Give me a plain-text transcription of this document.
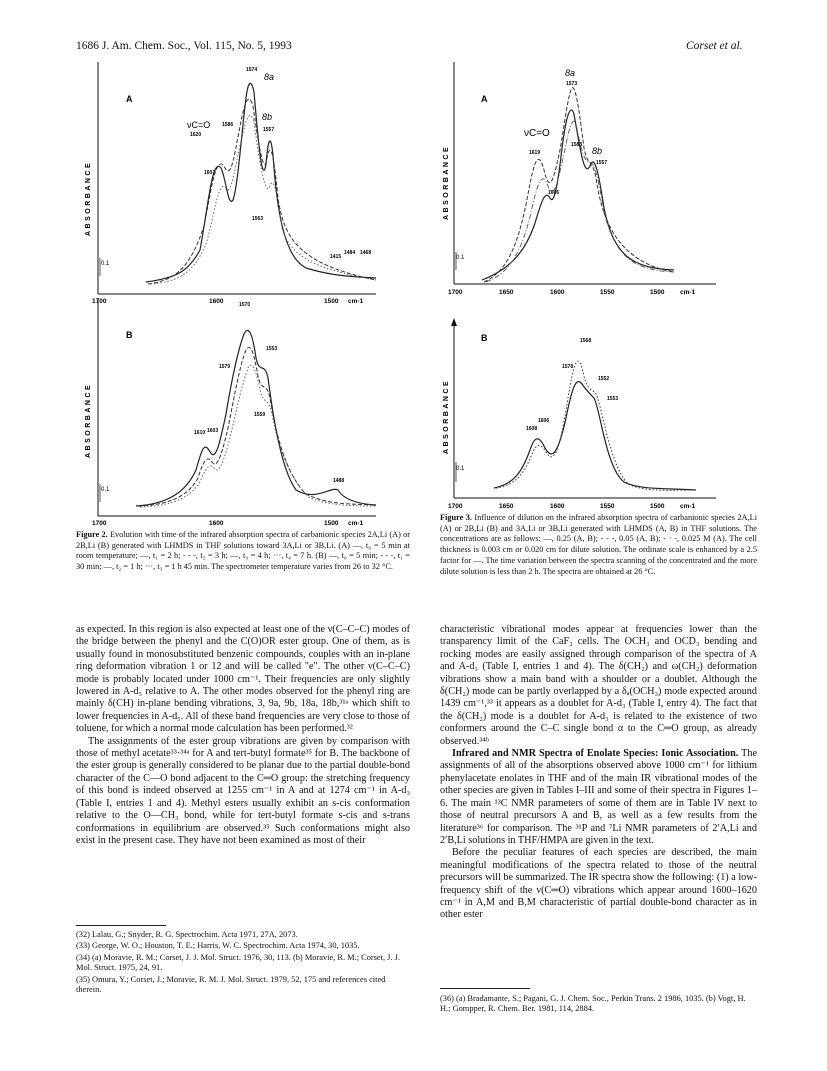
1686 J. Am. Chem. Soc., Vol. 115, No. 5, 1993	Corset et al.
A
ABSORBANCE
0.1
1700	1600	1500 cm-1
1574
8a
8b
1557
νC=O
1620
1586
1607
1563
1415
1484 1468
B
ABSORBANCE
0.1
1700	1600	1500 cm-1
1570
1553
1579
1559
1610 1603
1488
A
ABSORBANCE
0.1
1700	1650	1600	1550	1500 cm-1
8a
1573
νC=O
1619
1583
8b
1557
1606
B
ABSORBANCE
0.1
1700	1650	1600	1550	1500 cm-1
1568
1578
1552
1553
1606
1608
Figure 2. Evolution with time of the infrared absorption spectra of carbanionic species 2A,Li (A) or 2B,Li (B) generated with LHMDS in THF solutions toward 3A,Li or 3B,Li. (A) —, t₀ = 5 min at room temperature; —, t₁ = 2 h; - - -, t₂ = 3 h; —, t₃ = 4 h; ···, t₄ = 7 h. (B) —, t₀ = 5 min; - - -, t₁ = 30 min; —, t₂ = 1 h; ···, t₃ = 1 h 45 min. The spectrometer temperature varies from 26 to 32 °C.
Figure 3. Influence of dilution on the infrared absorption spectra of carbanionic species 2A,Li (A) or 2B,Li (B) and 3A,Li or 3B,Li generated with LHMDS (A, B) in THF solutions. The concentrations are as follows: —, 0.25 (A, B); - - -, 0.05 (A, B); - · -, 0.025 M (A). The cell thickness is 0.003 cm or 0.020 cm for dilute solution. The ordinate scale is enhanced by a 2.5 factor for —. The time variation between the spectra scanning of the concentrated and the more dilute solution is less than 2 h. The spectra are obtained at 26 °C.

as expected. In this region is also expected at least one of the ν(C–C–C) modes of the bridge between the phenyl and the C(O)OR ester group. One of them, as is usually found in monosubstituted benzenic compounds, couples with an in-plane ring deformation vibration 1 or 12 and will be called "e". The other ν(C–C–C) mode is probably located under 1000 cm⁻¹. Their frequencies are only slightly lowered in A-d₅ relative to A. The other modes observed for the phenyl ring are mainly δ(CH) in-plane bending vibrations, 3, 9a, 9b, 18a, 18b,³¹ᵃ which shift to lower frequencies in A-d₅. All of these band frequencies are very close to those of toluene, for which a normal mode calculation has been performed.³²

The assignments of the ester group vibrations are given by comparison with those of methyl acetate³³·³⁴ᵃ for A and tert-butyl formate³⁵ for B. The backbone of the ester group is generally considered to be planar due to the partial double-bond character of the C—O bond adjacent to the C═O group: the stretching frequency of this bond is indeed observed at 1255 cm⁻¹ in A and at 1274 cm⁻¹ in A-d₃ (Table I, entries 1 and 4). Methyl esters usually exhibit an s-cis conformation relative to the O—CH₃ bond, while for tert-butyl formate s-cis and s-trans conformations in equilibrium are observed.³⁵ Such conformations might also exist in the present case. They have not been examined as most of their

(32) Lalau, G.; Snyder, R. G. Spectrochim. Acta 1971, 27A, 2073.

(33) George, W. O.; Houston, T. E.; Harris, W. C. Spectrochim. Acta 1974, 30, 1035.

(34) (a) Moravie, R. M.; Corset, J. J. Mol. Struct. 1976, 30, 113. (b) Moravie, R. M.; Corset, J. J. Mol. Struct. 1975, 24, 91.

(35) Omura, Y.; Corset, J.; Moravie, R. M. J. Mol. Struct. 1979, 52, 175 and references cited therein.

characteristic vibrational modes appear at frequencies lower than the transparency limit of the CaF₂ cells. The OCH₃ and OCD₃ bending and rocking modes are easily assigned through comparison of the spectra of A and A-d₃ (Table I, entries 1 and 4). The δ(CH₂) and ω(CH₂) deformation vibrations show a main band with a shoulder or a doublet. Although the δ(CH₂) mode can be partly overlapped by a δₐ(OCH₃) mode expected around 1439 cm⁻¹,³³ it appears as a doublet for A-d₃ (Table I, entry 4). The fact that the δ(CH₂) mode is a doublet for A-d₃ is related to the existence of two conformers around the C–C single bond α to the C═O group, as already observed.³⁴ᵇ

Infrared and NMR Spectra of Enolate Species: Ionic Association. The assignments of all of the absorptions observed above 1000 cm⁻¹ for lithium phenylacetate enolates in THF and of the main IR vibrational modes of the other species are given in Tables I–III and some of their spectra in Figures 1–6. The main ¹³C NMR parameters of some of them are in Table IV next to those of neutral precursors A and B, as well as a few results from the literature³⁶ for comparison. The ³¹P and ⁷Li NMR parameters of 2′A,Li and 2′B,Li solutions in THF/HMPA are given in the text.

Before the peculiar features of each species are described, the main meaningful modifications of the spectra related to those of the neutral precursors will be summarized. The IR spectra show the following: (1) a low-frequency shift of the ν(C═O) vibrations which appear around 1600–1620 cm⁻¹ in A,M and B,M characteristic of partial double-bond character as in other ester

(36) (a) Bradamante, S.; Pagani, G. J. Chem. Soc., Perkin Trans. 2 1986, 1035. (b) Vogt, H. H.; Gompper, R. Chem. Ber. 1981, 114, 2884.
